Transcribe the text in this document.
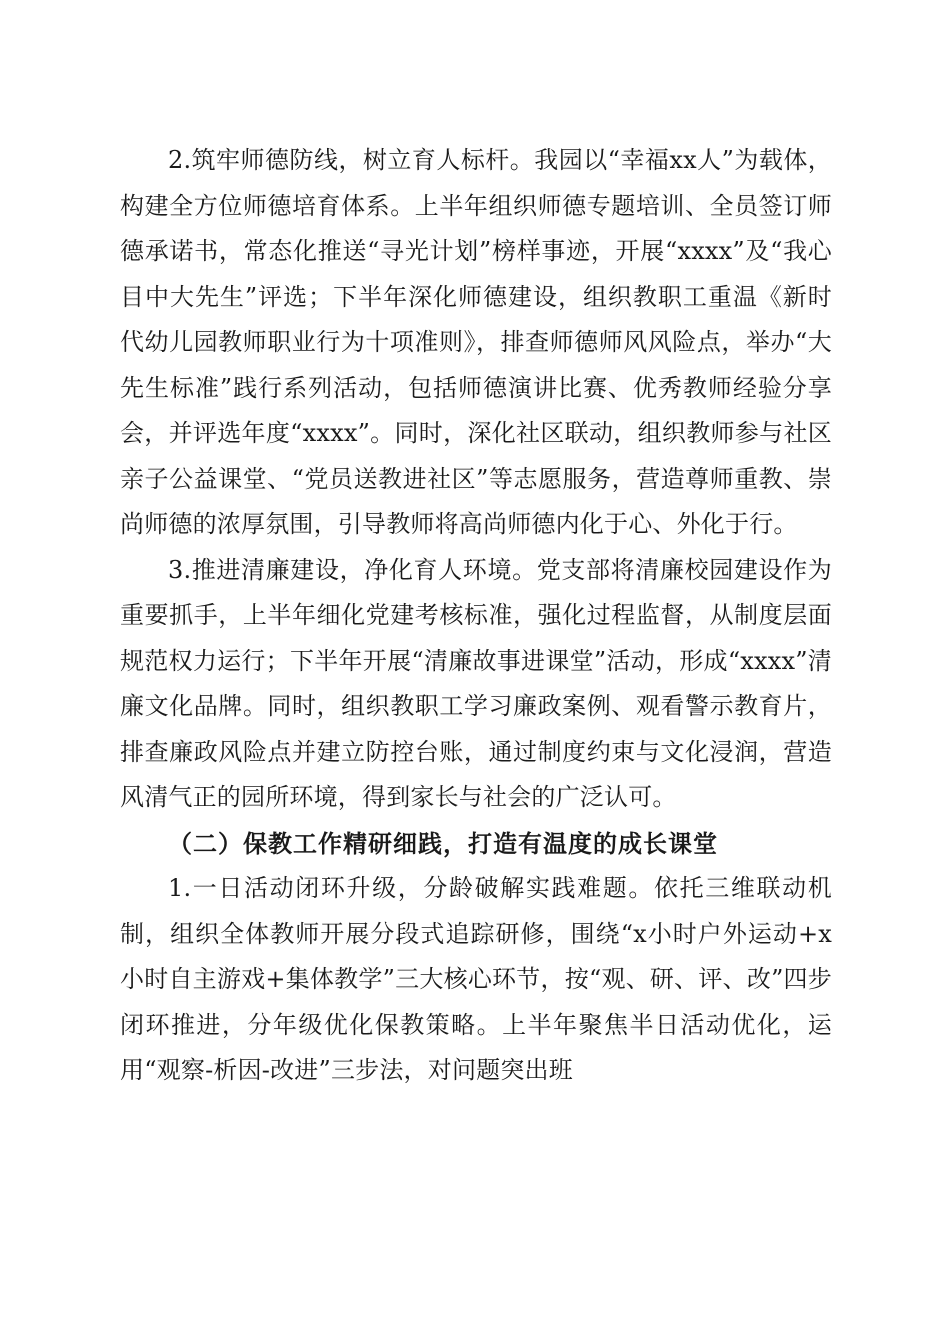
2.筑牢师德防线，树立育人标杆。我园以“幸福xx人”为载体，构建全方位师德培育体系。上半年组织师德专题培训、全员签订师德承诺书，常态化推送“寻光计划”榜样事迹，开展“xxxx”及“我心目中大先生”评选；下半年深化师德建设，组织教职工重温《新时代幼儿园教师职业行为十项准则》，排查师德师风风险点，举办“大先生标准”践行系列活动，包括师德演讲比赛、优秀教师经验分享会，并评选年度“xxxx”。同时，深化社区联动，组织教师参与社区亲子公益课堂、“党员送教进社区”等志愿服务，营造尊师重教、崇尚师德的浓厚氛围，引导教师将高尚师德内化于心、外化于行。

3.推进清廉建设，净化育人环境。党支部将清廉校园建设作为重要抓手，上半年细化党建考核标准，强化过程监督，从制度层面规范权力运行；下半年开展“清廉故事进课堂”活动，形成“xxxx”清廉文化品牌。同时，组织教职工学习廉政案例、观看警示教育片，排查廉政风险点并建立防控台账，通过制度约束与文化浸润，营造风清气正的园所环境，得到家长与社会的广泛认可。

（二）保教工作精研细践，打造有温度的成长课堂

1.一日活动闭环升级，分龄破解实践难题。依托三维联动机制，组织全体教师开展分段式追踪研修，围绕“x小时户外运动+x小时自主游戏+集体教学”三大核心环节，按“观、研、评、改”四步闭环推进，分年级优化保教策略。上半年聚焦半日活动优化，运用“观察-析因-改进”三步法，对问题突出班
